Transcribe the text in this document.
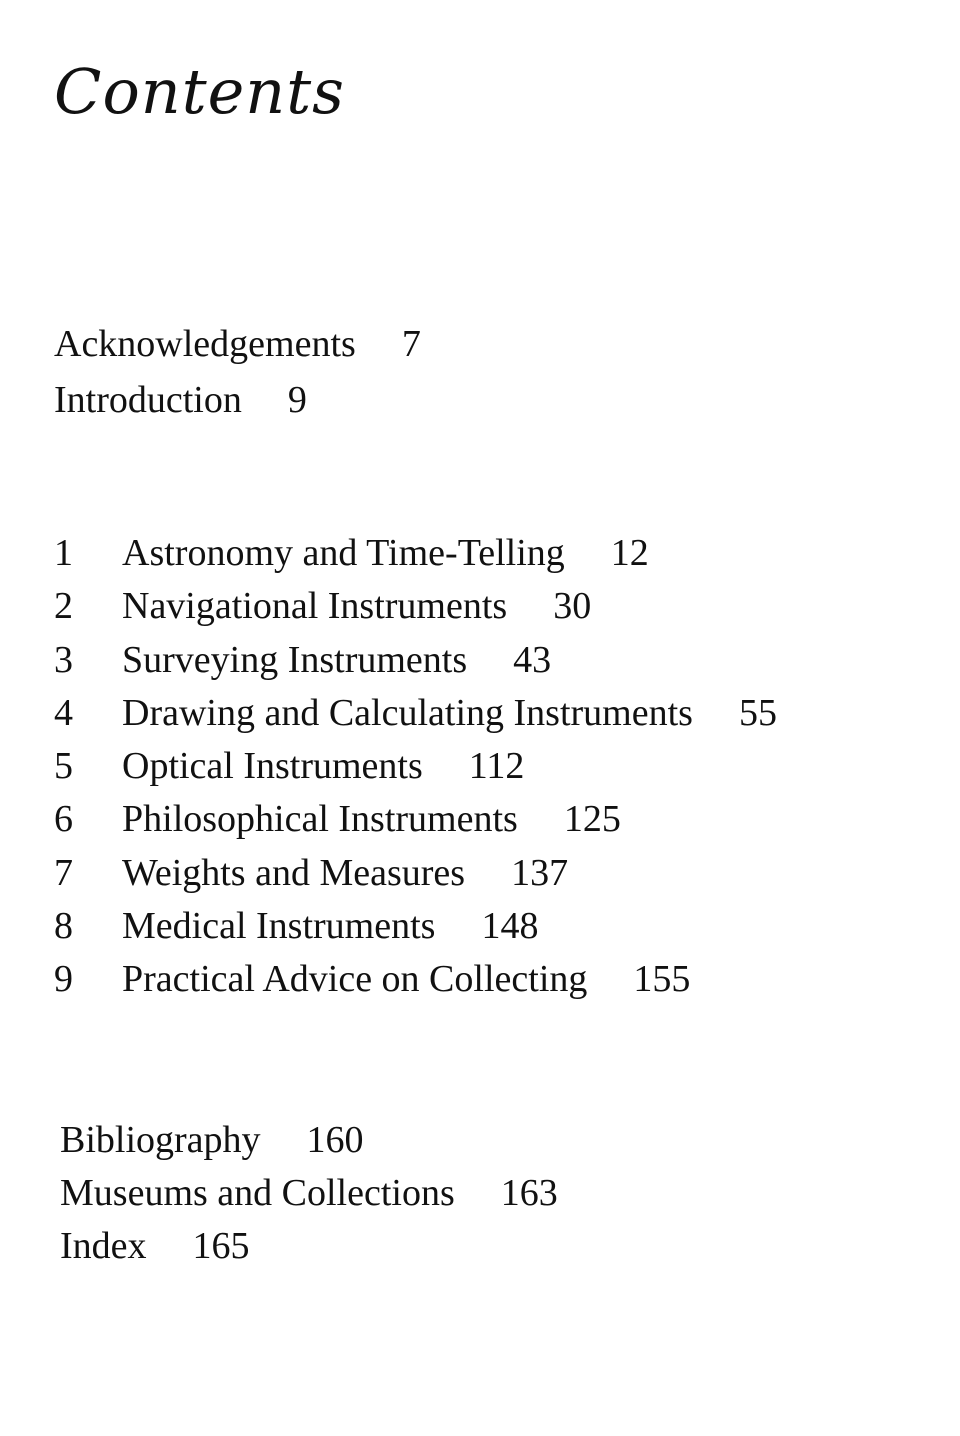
Contents
Acknowledgements 7
Introduction 9
1	Astronomy and Time-Telling 12
2	Navigational Instruments 30
3	Surveying Instruments 43
4	Drawing and Calculating Instruments 55
5	Optical Instruments 112
6	Philosophical Instruments 125
7	Weights and Measures 137
8	Medical Instruments 148
9	Practical Advice on Collecting 155
Bibliography 160
Museums and Collections 163
Index 165
